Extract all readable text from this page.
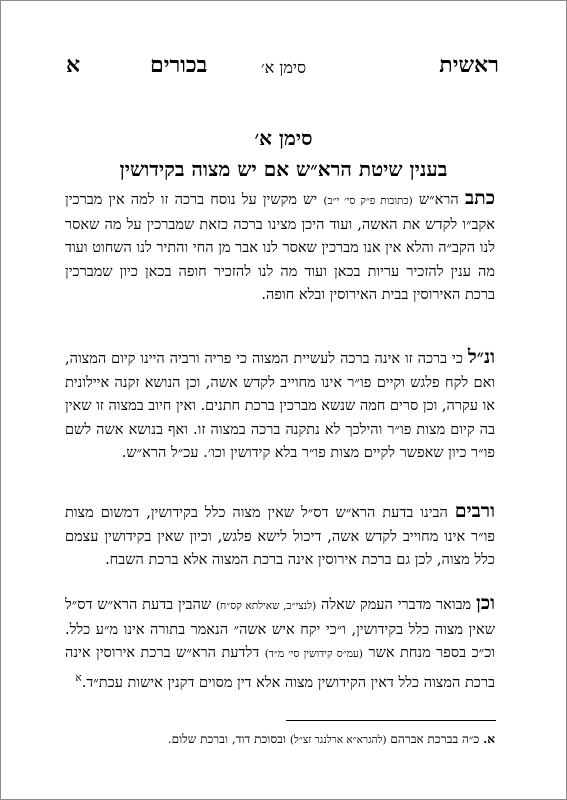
ראשית
סימן א׳
בכורים
א
סימן א׳
בענין שיטת הרא״ש אם יש מצוה בקידושין
כתב הרא״ש (כתובות פ״ק סי׳ י״ב) יש מקשין על נוסח ברכה זו למה אין מברכין אקב״ו לקדש את האשה, ועוד היכן מצינו ברכה כזאת שמברכין על מה שאסר לנו הקב״ה והלא אין אנו מברכין שאסר לנו אבר מן החי והתיר לנו השחוט ועוד מה ענין להזכיר עריות בכאן ועוד מה לנו להזכיר חופה בכאן כיון שמברכין ברכת האירוסין בבית האירוסין ובלא חופה.
ונ״ל כי ברכה זו אינה ברכה לעשיית המצוה כי פריה ורביה היינו קיום המצוה, ואם לקח פלגש וקיים פו״ר אינו מחוייב לקדש אשה, וכן הנושא זקנה איילונית או עקרה, וכן סרים חמה שנשא מברכין ברכת חתנים. ואין חיוב במצוה זו שאין בה קיום מצות פו״ר והילכך לא נתקנה ברכה במצוה זו. ואף בנושא אשה לשם פו״ר כיון שאפשר לקיים מצות פו״ר בלא קידושין וכו׳. עכ״ל הרא״ש.
ורבים הבינו בדעת הרא״ש דס״ל שאין מצוה כלל בקידושין, דמשום מצות פו״ר אינו מחוייב לקדש אשה, דיכול לישא פלגש, וכיון שאין בקידושין עצמם כלל מצוה, לכן גם ברכת אירוסין אינה ברכת המצוה אלא ברכת השבח.
וכן מבואר מדברי העמק שאלה (לנצי״ב, שאילתא קס״ח) שהבין בדעת הרא״ש דס״ל שאין מצוה כלל בקידושין, ו״כי יקח איש אשה״ הנאמר בתורה אינו מ״ע כלל. וכ״כ בספר מנחת אשר (עמ״ס קידושין סי׳ מ״ד) דלדעת הרא״ש ברכת אירוסין אינה ברכת המצוה כלל דאין הקידושין מצוה אלא דין מסוים דקנין אישות עכת״ד.$^א$
א. כ״ה בברכת אברהם (להגרא״א ארלנגר זצ״ל) ובסוכת דוד, וברכת שלום.
